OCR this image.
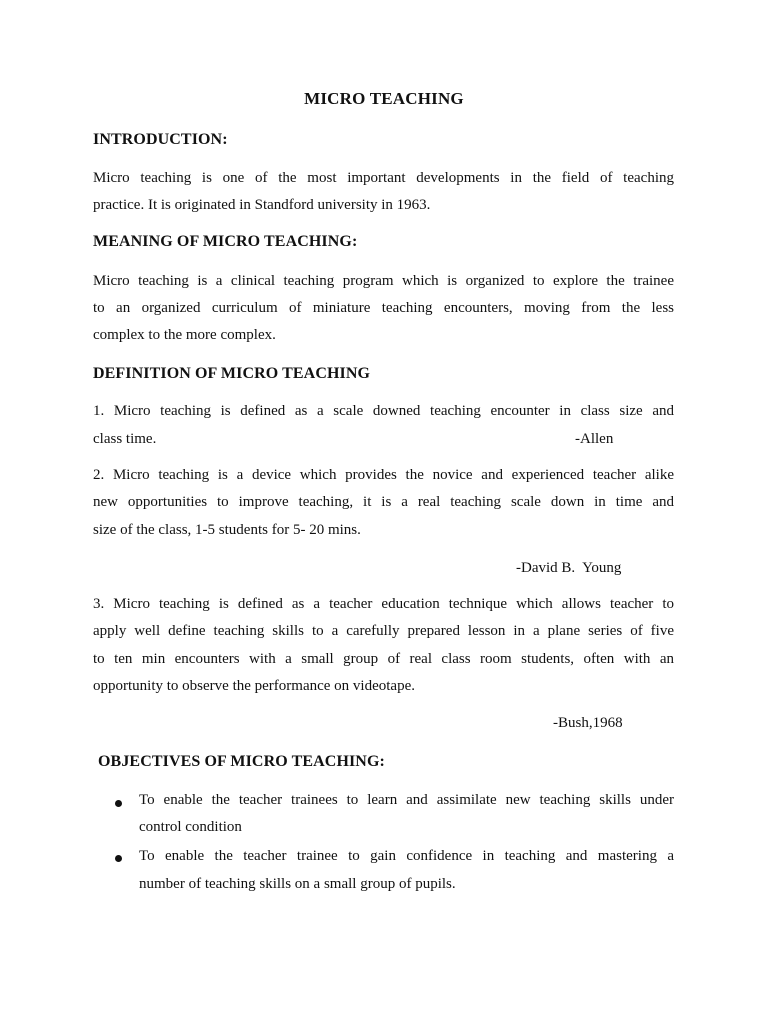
MICRO TEACHING
INTRODUCTION:
Micro teaching is one of the most important developments in the field of teaching
practice. It is originated in Standford university in 1963.
MEANING OF MICRO TEACHING:
Micro teaching is a clinical teaching program which is organized to explore the trainee
to an organized curriculum of miniature teaching encounters, moving from the less
complex to the more complex.
DEFINITION OF MICRO TEACHING
1. Micro teaching is defined as a scale downed teaching encounter in class size and
class time.	-Allen
2. Micro teaching is a device which provides the novice and experienced teacher alike
new opportunities to improve teaching, it is a real teaching scale down in time and
size of the class, 1-5 students for 5- 20 mins.
-David B.  Young
3. Micro teaching is defined as a teacher education technique which allows teacher to
apply well define teaching skills to a carefully prepared lesson in a plane series of five
to ten min encounters with a small group of real class room students, often with an
opportunity to observe the performance on videotape.
-Bush,1968
OBJECTIVES OF MICRO TEACHING:
To enable the teacher trainees to learn and assimilate new teaching skills under
control condition
To enable the teacher trainee to gain confidence in teaching and mastering a
number of teaching skills on a small group of pupils.
